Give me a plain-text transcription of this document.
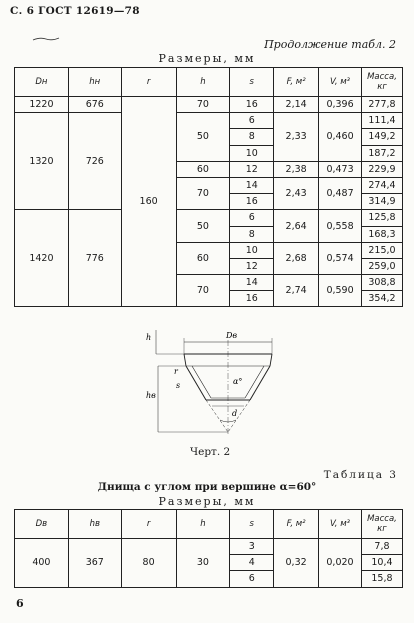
С. 6 ГОСТ 12619—78
Продолжение табл. 2
Размеры, мм
Dн	hн	r	h	s	F, м²	V, м³	Масса, кг
1220	676	160	70	16	2,14	0,396	277,8
1320	726		50	6	2,33	0,460	111,4
				8			149,2
				10			187,2
			60	12	2,38	0,473	229,9
			70	14	2,43	0,487	274,4
				16			314,9
1420	776		50	6	2,64	0,558	125,8
				8			168,3
			60	10	2,68	0,574	215,0
				12			259,0
			70	14	2,74	0,590	308,8
				16			354,2
h	Dв
r
s	α°
hв
d
Черт. 2
Таблица 3
Днища с углом при вершине α=60°
Размеры, мм
Dв	hв	r	h	s	F, м²	V, м³	Масса, кг
400	367	80	30	3	0,32	0,020	7,8
				4			10,4
				6			15,8
6
